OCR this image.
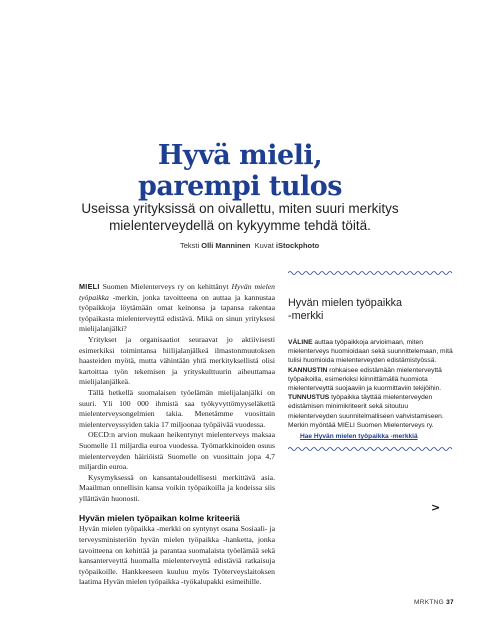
Hyvä mieli,
parempi tulos
Useissa yrityksissä on oivallettu, miten suuri merkitys
mielenterveydellä on kykyymme tehdä töitä.
Teksti Olli Manninen Kuvat iStockphoto

MIELI Suomen Mielenterveys ry on kehittänyt Hyvän mielen työpaikka -merkin, jonka tavoitteena on auttaa ja kannustaa työpaikkoja löytämään omat keinonsa ja tapansa rakentaa työpaikasta mielenterveyttä edistävä. Mikä on sinun yrityksesi mielijalanjälki?

Yritykset ja organisaatiot seuraavat jo aktiivisesti esimerkiksi toimintansa hiilijalanjälkeä ilmastonmuutoksen haasteiden myötä, mutta vähintään yhtä merkityksellistä olisi kartoittaa työn tekemisen ja yrityskulttuurin aiheuttamaa mielijalanjälkeä.

Tällä hetkellä suomalaisen työelämän mielijalanjälki on suuri. Yli 100 000 ihmistä saa työkyvyttömyyseläkettä mielenterveysongelmien takia. Menetämme vuosittain mielenterveyssyiden takia 17 miljoonaa työpäivää vuodessa.

OECD:n arvion mukaan heikentynyt mielenterveys maksaa Suomelle 11 miljardia euroa vuodessa. Työmarkkinoiden osuus mielenterveyden häiriöistä Suomelle on vuosittain jopa 4,7 miljardin euroa.

Kysymyksessä on kansantaloudellisesti merkittävä asia. Maailman onnellisin kansa voikin työpaikoilla ja kodeissa siis yllättävän huonosti.

Hyvän mielen työpaikan kolme kriteeriä

Hyvän mielen työpaikka -merkki on syntynyt osana Sosiaali- ja terveysministeriön hyvän mielen työpaikka -hanketta, jonka tavoitteena on kehittää ja parantaa suomalaista työelämää sekä kansanterveyttä huomalla mielenterveyttä edistäviä ratkaisuja työpaikoille. Hankkeeseen kuuluu myös Työterveyslaitoksen laatima Hyvän mielen työpaikka -työkalupakki esimeihille.

Hyvän mielen työpaikka
-merkki

VÄLINE auttaa työpaikkoja arvioimaan, miten mielenterveys huomioidaan sekä suunnittelemaan, mitä tulisi huomioida mielenterveyden edistämistyössä.

KANNUSTIN rohkaisee edistämään mielenterveyttä työpaikoilla, esimerkiksi kiinnittämällä huomiota mielenterveyttä suojaaviin ja kuormittaviin tekijöihin.

TUNNUSTUS työpaikka täyttää mielenterveyden edistämisen minimikriteerit sekä sitoutuu mielenterveyden suunnitelmalliseen vahvistamiseen. Merkin myöntää MIELI Suomen Mielenterveys ry.

Hae Hyvän mielen työpaikka -merkkiä
>
MRKTNG 37
